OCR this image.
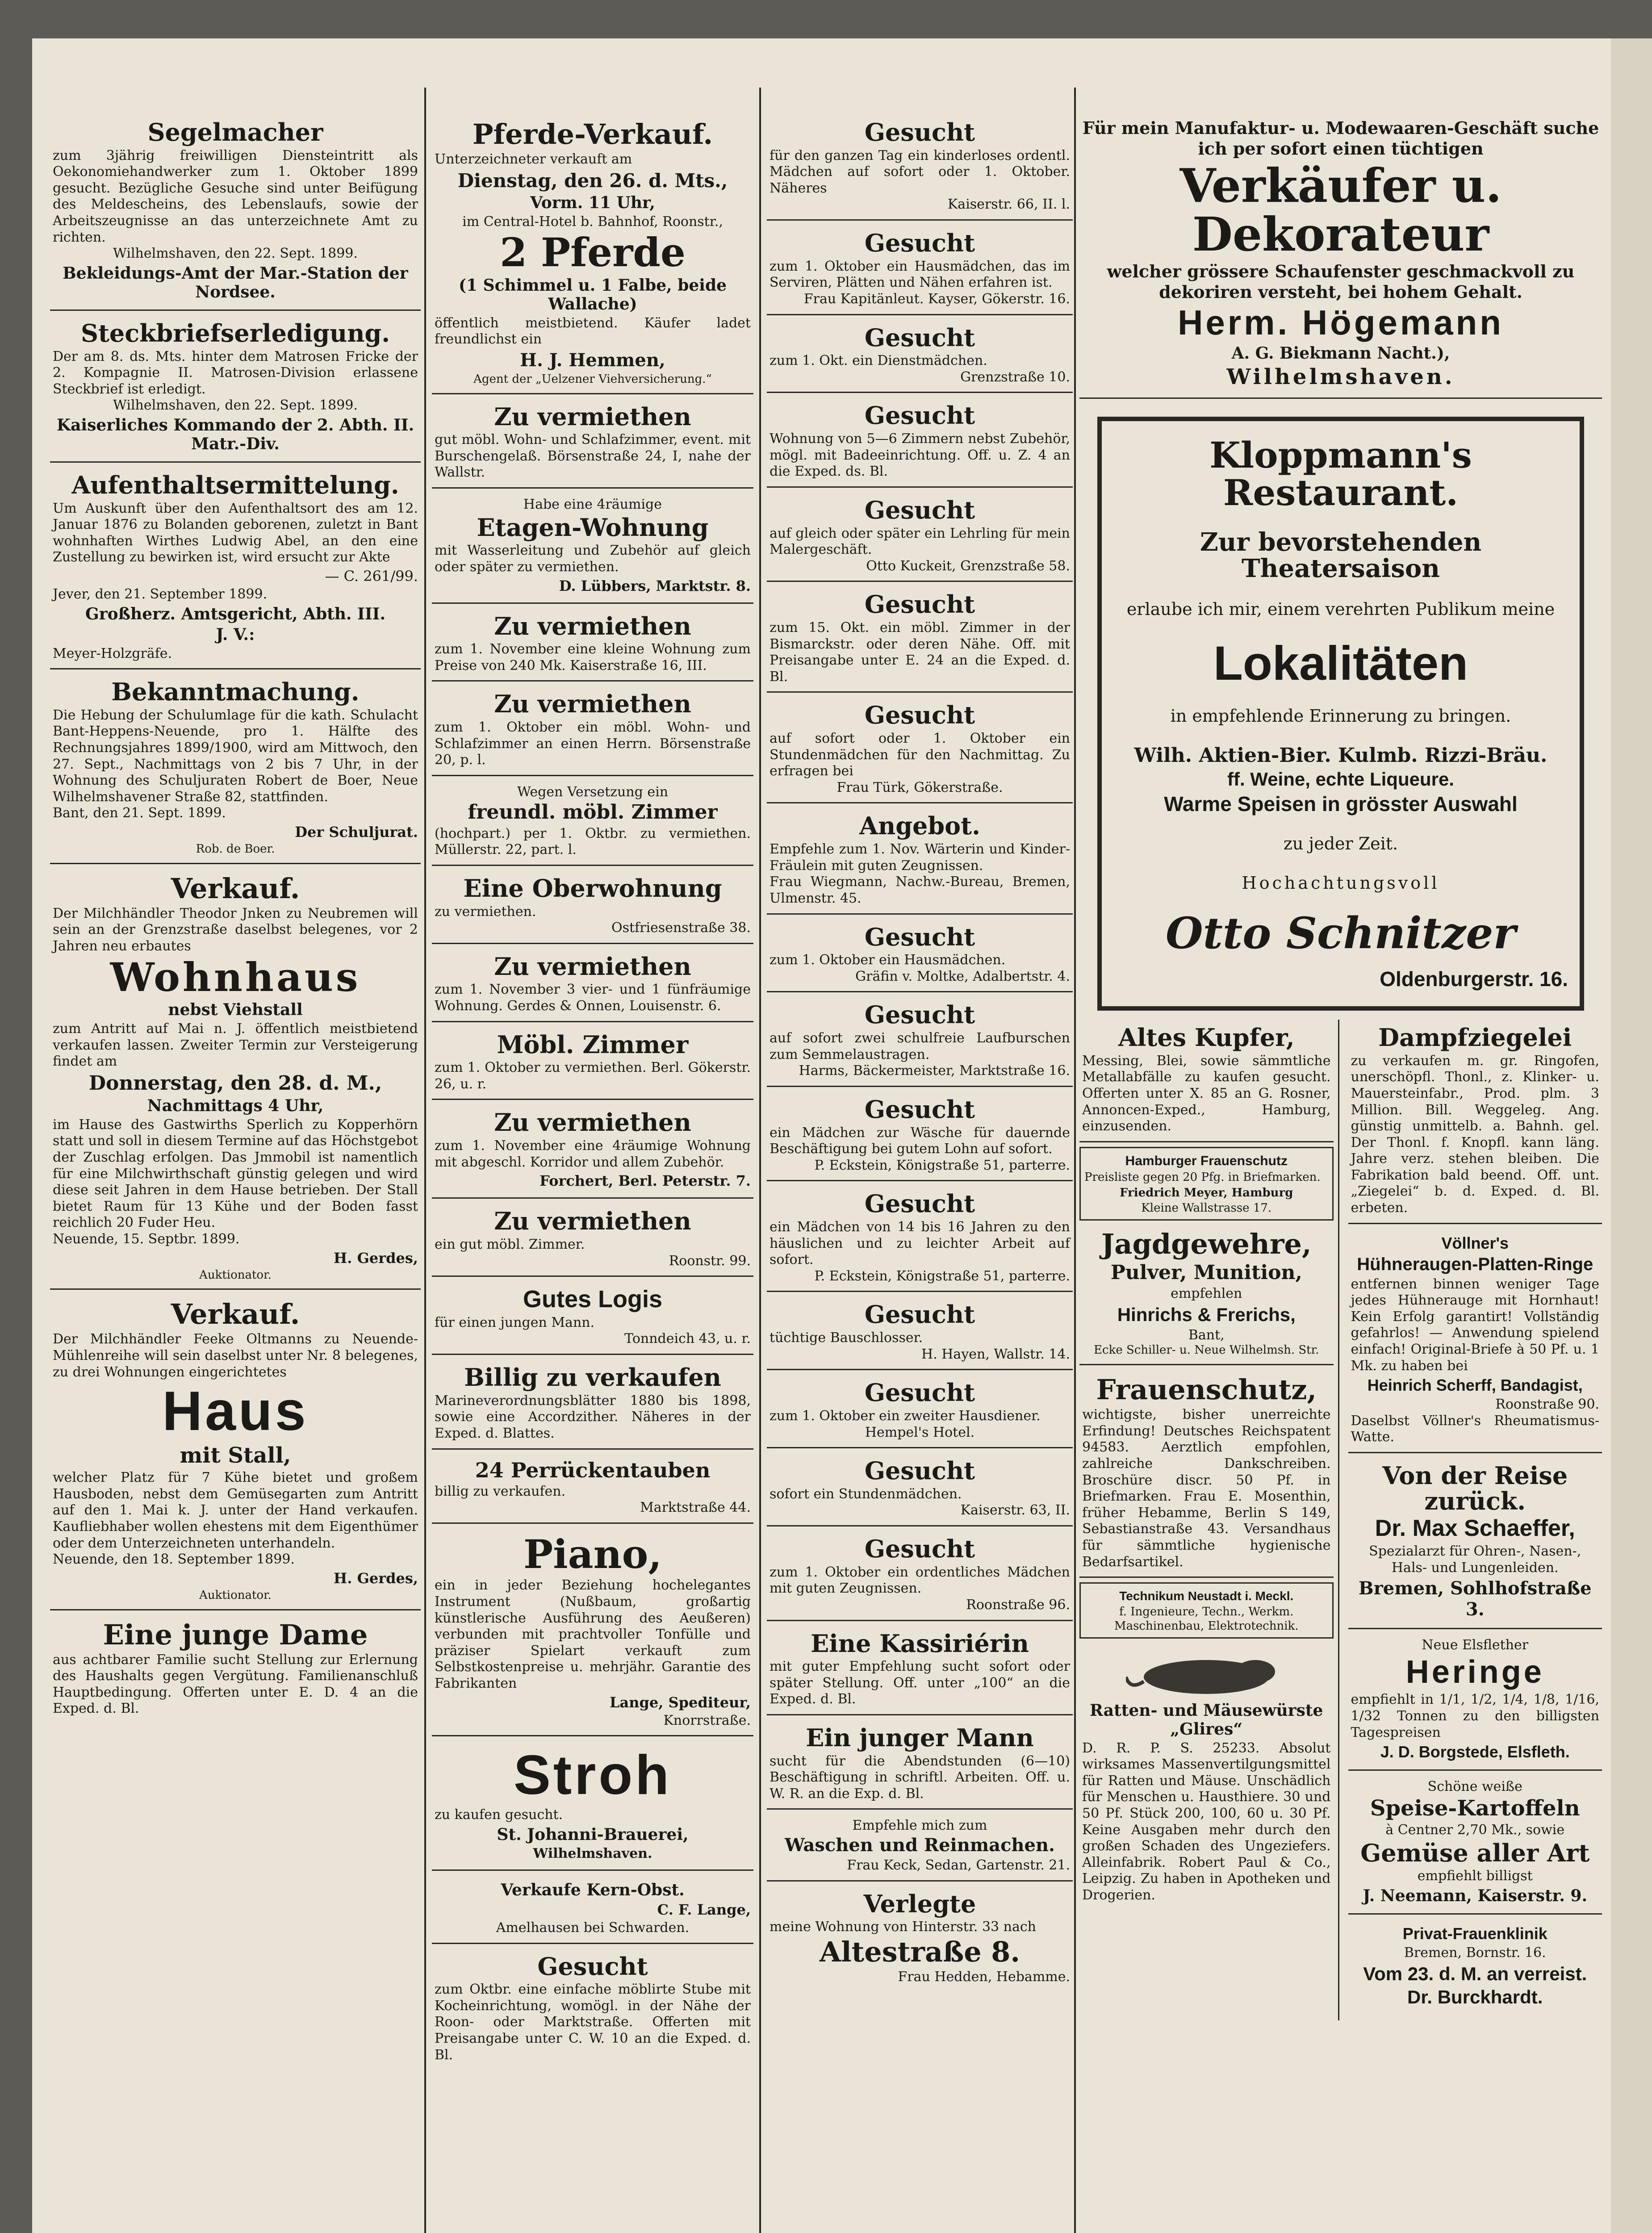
Segelmacher

zum 3jährig freiwilligen Diensteintritt als Oekonomiehandwerker zum 1. Oktober 1899 gesucht. Bezügliche Gesuche sind unter Beifügung des Meldescheins, des Lebenslaufs, sowie der Arbeitszeugnisse an das unterzeichnete Amt zu richten.

Wilhelmshaven, den 22. Sept. 1899.

Bekleidungs-Amt der Mar.-Station der Nordsee.
Steckbriefserledigung.

Der am 8. ds. Mts. hinter dem Matrosen Fricke der 2. Kompagnie II. Matrosen-Division erlassene Steckbrief ist erledigt.

Wilhelmshaven, den 22. Sept. 1899.

Kaiserliches Kommando der 2. Abth. II. Matr.-Div.
Aufenthaltsermittelung.

Um Auskunft über den Aufenthaltsort des am 12. Januar 1876 zu Bolanden geborenen, zuletzt in Bant wohnhaften Wirthes Ludwig Abel, an den eine Zustellung zu bewirken ist, wird ersucht zur Akte

— C. 261/99.

Jever, den 21. September 1899.

Großherz. Amtsgericht, Abth. III.
J. V.:

Meyer-Holzgräfe.

Bekanntmachung.

Die Hebung der Schulumlage für die kath. Schulacht Bant-Heppens-Neuende, pro 1. Hälfte des Rechnungsjahres 1899/1900, wird am Mittwoch, den 27. Sept., Nachmittags von 2 bis 7 Uhr, in der Wohnung des Schuljuraten Robert de Boer, Neue Wilhelmshavener Straße 82, stattfinden.

Bant, den 21. Sept. 1899.

Der Schuljurat.

Rob. de Boer.

Verkauf.

Der Milchhändler Theodor Jnken zu Neubremen will sein an der Grenzstraße daselbst belegenes, vor 2 Jahren neu erbautes

Wohnhaus
nebst Viehstall

zum Antritt auf Mai n. J. öffentlich meistbietend verkaufen lassen. Zweiter Termin zur Versteigerung findet am

Donnerstag, den 28. d. M.,
Nachmittags 4 Uhr,

im Hause des Gastwirths Sperlich zu Kopperhörn statt und soll in diesem Termine auf das Höchstgebot der Zuschlag erfolgen. Das Jmmobil ist namentlich für eine Milchwirthschaft günstig gelegen und wird diese seit Jahren in dem Hause betrieben. Der Stall bietet Raum für 13 Kühe und der Boden fasst reichlich 20 Fuder Heu.

Neuende, 15. Septbr. 1899.

H. Gerdes,

Auktionator.

Verkauf.

Der Milchhändler Feeke Oltmanns zu Neuende-Mühlenreihe will sein daselbst unter Nr. 8 belegenes, zu drei Wohnungen eingerichtetes

Haus
mit Stall,

welcher Platz für 7 Kühe bietet und großem Hausboden, nebst dem Gemüsegarten zum Antritt auf den 1. Mai k. J. unter der Hand verkaufen. Kaufliebhaber wollen ehestens mit dem Eigenthümer oder dem Unterzeichneten unterhandeln.

Neuende, den 18. September 1899.

H. Gerdes,

Auktionator.

Eine junge Dame

aus achtbarer Familie sucht Stellung zur Erlernung des Haushalts gegen Vergütung. Familienanschluß Hauptbedingung. Offerten unter E. D. 4 an die Exped. d. Bl.

Pferde-Verkauf.

Unterzeichneter verkauft am

Dienstag, den 26. d. Mts.,
Vorm. 11 Uhr,

im Central-Hotel b. Bahnhof, Roonstr.,

2 Pferde
(1 Schimmel u. 1 Falbe, beide Wallache)

öffentlich meistbietend. Käufer ladet freundlichst ein

H. J. Hemmen,

Agent der „Uelzener Viehversicherung.“

Zu vermiethen

gut möbl. Wohn- und Schlafzimmer, event. mit Burschengelaß. Börsenstraße 24, I, nahe der Wallstr.

Habe eine 4räumige

Etagen-Wohnung

mit Wasserleitung und Zubehör auf gleich oder später zu vermiethen.

D. Lübbers, Marktstr. 8.
Zu vermiethen

zum 1. November eine kleine Wohnung zum Preise von 240 Mk. Kaiserstraße 16, III.

Zu vermiethen

zum 1. Oktober ein möbl. Wohn- und Schlafzimmer an einen Herrn. Börsenstraße 20, p. l.

Wegen Versetzung ein

freundl. möbl. Zimmer

(hochpart.) per 1. Oktbr. zu vermiethen. Müllerstr. 22, part. l.

Eine Oberwohnung

zu vermiethen.

Ostfriesenstraße 38.

Zu vermiethen

zum 1. November 3 vier- und 1 fünfräumige Wohnung. Gerdes & Onnen, Louisenstr. 6.

Möbl. Zimmer

zum 1. Oktober zu vermiethen. Berl. Gökerstr. 26, u. r.

Zu vermiethen

zum 1. November eine 4räumige Wohnung mit abgeschl. Korridor und allem Zubehör.

Forchert, Berl. Peterstr. 7.
Zu vermiethen

ein gut möbl. Zimmer.

Roonstr. 99.

Gutes Logis

für einen jungen Mann.

Tonndeich 43, u. r.

Billig zu verkaufen

Marineverordnungsblätter 1880 bis 1898, sowie eine Accordzither. Näheres in der Exped. d. Blattes.

24 Perrückentauben

billig zu verkaufen.

Marktstraße 44.

Piano,

ein in jeder Beziehung hochelegantes Instrument (Nußbaum, großartig künstlerische Ausführung des Aeußeren) verbunden mit prachtvoller Tonfülle und präziser Spielart verkauft zum Selbstkostenpreise u. mehrjähr. Garantie des Fabrikanten

Lange, Spediteur,

Knorrstraße.

Stroh

zu kaufen gesucht.

St. Johanni-Brauerei,
Wilhelmshaven.
Verkaufe Kern-Obst.
C. F. Lange,

Amelhausen bei Schwarden.

Gesucht

zum Oktbr. eine einfache möblirte Stube mit Kocheinrichtung, womögl. in der Nähe der Roon- oder Marktstraße. Offerten mit Preisangabe unter C. W. 10 an die Exped. d. Bl.

Gesucht

für den ganzen Tag ein kinderloses ordentl. Mädchen auf sofort oder 1. Oktober. Näheres

Kaiserstr. 66, II. l.

Gesucht

zum 1. Oktober ein Hausmädchen, das im Serviren, Plätten und Nähen erfahren ist.

Frau Kapitänleut. Kayser, Gökerstr. 16.

Gesucht

zum 1. Okt. ein Dienstmädchen.

Grenzstraße 10.

Gesucht

Wohnung von 5—6 Zimmern nebst Zubehör, mögl. mit Badeeinrichtung. Off. u. Z. 4 an die Exped. ds. Bl.

Gesucht

auf gleich oder später ein Lehrling für mein Malergeschäft.

Otto Kuckeit, Grenzstraße 58.

Gesucht

zum 15. Okt. ein möbl. Zimmer in der Bismarckstr. oder deren Nähe. Off. mit Preisangabe unter E. 24 an die Exped. d. Bl.

Gesucht

auf sofort oder 1. Oktober ein Stundenmädchen für den Nachmittag. Zu erfragen bei

Frau Türk, Gökerstraße.

Angebot.

Empfehle zum 1. Nov. Wärterin und Kinder-Fräulein mit guten Zeugnissen.

Frau Wiegmann, Nachw.-Bureau, Bremen, Ulmenstr. 45.

Gesucht

zum 1. Oktober ein Hausmädchen.

Gräfin v. Moltke, Adalbertstr. 4.

Gesucht

auf sofort zwei schulfreie Laufburschen zum Semmelaustragen.

Harms, Bäckermeister, Marktstraße 16.

Gesucht

ein Mädchen zur Wäsche für dauernde Beschäftigung bei gutem Lohn auf sofort.

P. Eckstein, Königstraße 51, parterre.

Gesucht

ein Mädchen von 14 bis 16 Jahren zu den häuslichen und zu leichter Arbeit auf sofort.

P. Eckstein, Königstraße 51, parterre.

Gesucht

tüchtige Bauschlosser.

H. Hayen, Wallstr. 14.

Gesucht

zum 1. Oktober ein zweiter Hausdiener.

Hempel's Hotel.

Gesucht

sofort ein Stundenmädchen.

Kaiserstr. 63, II.

Gesucht

zum 1. Oktober ein ordentliches Mädchen mit guten Zeugnissen.

Roonstraße 96.

Eine Kassiriérin

mit guter Empfehlung sucht sofort oder später Stellung. Off. unter „100“ an die Exped. d. Bl.

Ein junger Mann

sucht für die Abendstunden (6—10) Beschäftigung in schriftl. Arbeiten. Off. u. W. R. an die Exp. d. Bl.

Empfehle mich zum

Waschen und Reinmachen.

Frau Keck, Sedan, Gartenstr. 21.

Verlegte

meine Wohnung von Hinterstr. 33 nach

Altestraße 8.

Frau Hedden, Hebamme.

Für mein Manufaktur- u. Modewaaren-Geschäft suche ich per sofort einen tüchtigen

Verkäufer u. Dekorateur

welcher grössere Schaufenster geschmackvoll zu dekoriren versteht, bei hohem Gehalt.

Herm. Högemann
A. G. Biekmann Nacht.),
Wilhelmshaven.
Kloppmann's Restaurant.
Zur bevorstehenden Theatersaison

erlaube ich mir, einem verehrten Publikum meine

Lokalitäten

in empfehlende Erinnerung zu bringen.

Wilh. Aktien-Bier. Kulmb. Rizzi-Bräu.
ff. Weine, echte Liqueure.
Warme Speisen in grösster Auswahl

zu jeder Zeit.

Hochachtungsvoll

Otto Schnitzer
Oldenburgerstr. 16.
Altes Kupfer,

Messing, Blei, sowie sämmtliche Metallabfälle zu kaufen gesucht. Offerten unter X. 85 an G. Rosner, Annoncen-Exped., Hamburg, einzusenden.

Hamburger Frauenschutz

Preisliste gegen 20 Pfg. in Briefmarken.

Friedrich Meyer, Hamburg

Kleine Wallstrasse 17.

Jagdgewehre,
Pulver, Munition,

empfehlen

Hinrichs & Frerichs,

Bant,

Ecke Schiller- u. Neue Wilhelmsh. Str.

Frauenschutz,

wichtigste, bisher unerreichte Erfindung! Deutsches Reichspatent 94583. Aerztlich empfohlen, zahlreiche Dankschreiben. Broschüre discr. 50 Pf. in Briefmarken. Frau E. Mosenthin, früher Hebamme, Berlin S 149, Sebastianstraße 43. Versandhaus für sämmtliche hygienische Bedarfsartikel.

Technikum Neustadt i. Meckl.

f. Ingenieure, Techn., Werkm. Maschinenbau, Elektrotechnik.

Ratten- und Mäusewürste „Glires“

D. R. P. S. 25233. Absolut wirksames Massenvertilgungsmittel für Ratten und Mäuse. Unschädlich für Menschen u. Hausthiere. 30 und 50 Pf. Stück 200, 100, 60 u. 30 Pf. Keine Ausgaben mehr durch den großen Schaden des Ungeziefers. Alleinfabrik. Robert Paul & Co., Leipzig. Zu haben in Apotheken und Drogerien.

Dampfziegelei

zu verkaufen m. gr. Ringofen, unerschöpfl. Thonl., z. Klinker- u. Mauersteinfabr., Prod. plm. 3 Million. Bill. Weggeleg. Ang. günstig unmittelb. a. Bahnh. gel. Der Thonl. f. Knopfl. kann läng. Jahre verz. stehen bleiben. Die Fabrikation bald beend. Off. unt. „Ziegelei“ b. d. Exped. d. Bl. erbeten.

Völlner's
Hühneraugen-Platten-Ringe

entfernen binnen weniger Tage jedes Hühnerauge mit Hornhaut! Kein Erfolg garantirt! Vollständig gefahrlos! — Anwendung spielend einfach! Original-Briefe à 50 Pf. u. 1 Mk. zu haben bei

Heinrich Scherff, Bandagist,

Roonstraße 90.

Daselbst Völlner's Rheumatismus-Watte.

Von der Reise zurück.
Dr. Max Schaeffer,

Spezialarzt für Ohren-, Nasen-, Hals- und Lungenleiden.

Bremen, Sohlhofstraße 3.

Neue Elsflether

Heringe

empfiehlt in 1/1, 1/2, 1/4, 1/8, 1/16, 1/32 Tonnen zu den billigsten Tagespreisen

J. D. Borgstede, Elsfleth.

Schöne weiße

Speise-Kartoffeln

à Centner 2,70 Mk., sowie

Gemüse aller Art

empfiehlt billigst

J. Neemann, Kaiserstr. 9.
Privat-Frauenklinik

Bremen, Bornstr. 16.

Vom 23. d. M. an verreist.
Dr. Burckhardt.
